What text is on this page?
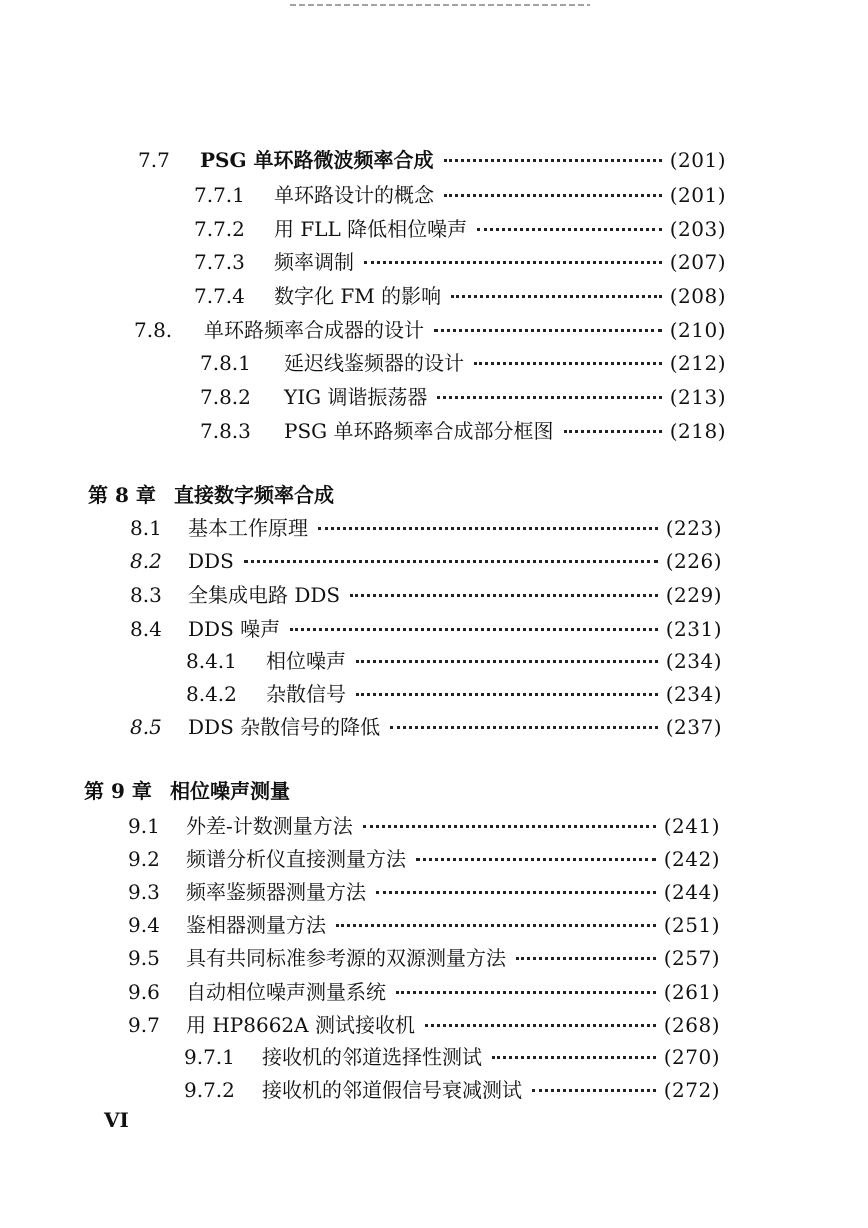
7.7	PSG 单环路微波频率合成	(201)
7.7.1	单环路设计的概念	(201)
7.7.2	用 FLL 降低相位噪声	(203)
7.7.3	频率调制	(207)
7.7.4	数字化 FM 的影响	(208)
7.8.	单环路频率合成器的设计	(210)
7.8.1	延迟线鉴频器的设计	(212)
7.8.2	YIG 调谐振荡器	(213)
7.8.3	PSG 单环路频率合成部分框图	(218)
第 8 章 直接数字频率合成
8.1	基本工作原理	(223)
8.2	DDS	(226)
8.3	全集成电路 DDS	(229)
8.4	DDS 噪声	(231)
8.4.1	相位噪声	(234)
8.4.2	杂散信号	(234)
8.5	DDS 杂散信号的降低	(237)
第 9 章 相位噪声测量
9.1	外差-计数测量方法	(241)
9.2	频谱分析仪直接测量方法	(242)
9.3	频率鉴频器测量方法	(244)
9.4	鉴相器测量方法	(251)
9.5	具有共同标准参考源的双源测量方法	(257)
9.6	自动相位噪声测量系统	(261)
9.7	用 HP8662A 测试接收机	(268)
9.7.1	接收机的邻道选择性测试	(270)
9.7.2	接收机的邻道假信号衰减测试	(272)
VI
